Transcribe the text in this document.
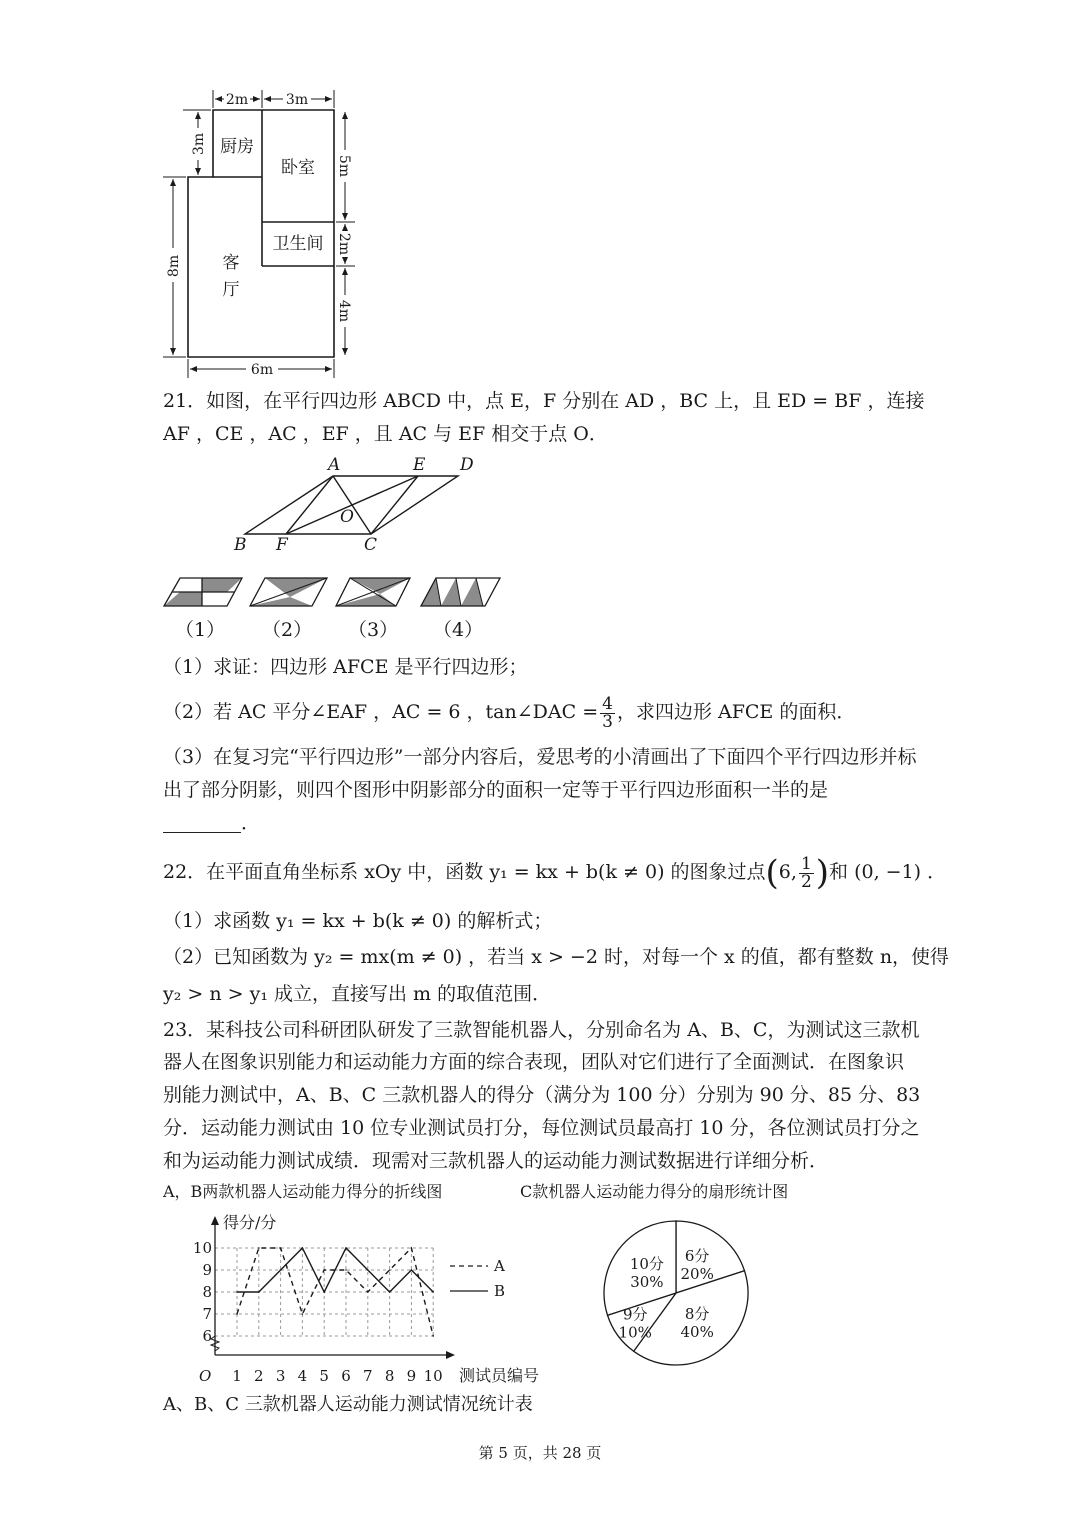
2m	3m
3m
8m
5m
2m
4m
6m
厨房
卧室
卫生间
客
厅
21．如图，在平行四边形 ABCD 中，点 E，F 分别在 AD ，BC 上，且 ED = BF ，连接
AF ，CE ，AC ，EF ，且 AC 与 EF 相交于点 O．
A	E D
O
B F	C
（1） （2） （3） （4）
（1）求证：四边形 AFCE 是平行四边形；
（2）若 AC 平分∠EAF ，AC = 6 ，tan∠DAC = $\frac{4}{3}$ ，求四边形 AFCE 的面积．
（3）在复习完“平行四边形”一部分内容后，爱思考的小清画出了下面四个平行四边形并标
出了部分阴影，则四个图形中阴影部分的面积一定等于平行四边形面积一半的是
．
22．在平面直角坐标系 xOy 中，函数 y₁ = kx + b(k ≠ 0) 的图象过点(6, $\frac{1}{2}$ )和 (0, −1) ．
（1）求函数 y₁ = kx + b(k ≠ 0) 的解析式；
（2）已知函数为 y₂ = mx(m ≠ 0) ，若当 x > −2 时，对每一个 x 的值，都有整数 n，使得
y₂ > n > y₁ 成立，直接写出 m 的取值范围．
23．某科技公司科研团队研发了三款智能机器人，分别命名为 A、B、C，为测试这三款机
器人在图象识别能力和运动能力方面的综合表现，团队对它们进行了全面测试．在图象识
别能力测试中，A、B、C 三款机器人的得分（满分为 100 分）分别为 90 分、85 分、83
分．运动能力测试由 10 位专业测试员打分，每位测试员最高打 10 分，各位测试员打分之
和为运动能力测试成绩．现需对三款机器人的运动能力测试数据进行详细分析．
A，B两款机器人运动能力得分的折线图	C款机器人运动能力得分的扇形统计图
6
7
8
9
10
1 2 3 4 5 6 7 8 9 10
得分/分
测试员编号
O
A
B
6分
20%
8分
40%
9分
10%
10分
30%
A、B、C 三款机器人运动能力测试情况统计表
第 5 页，共 28 页
